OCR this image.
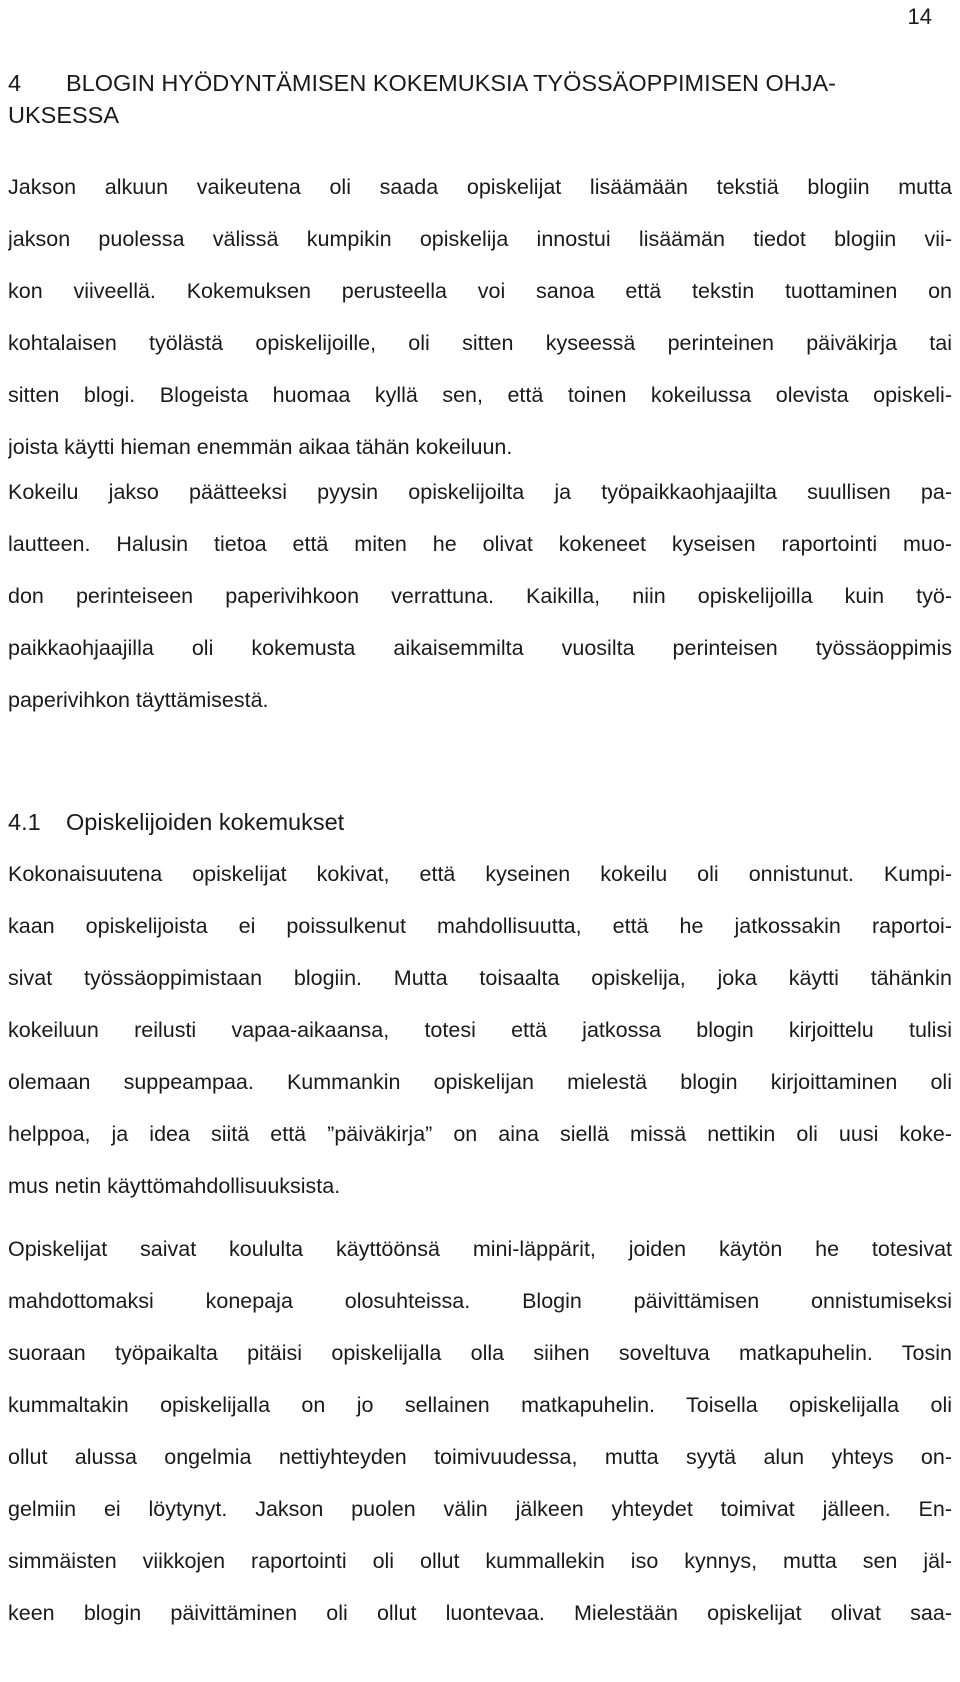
14
4 BLOGIN HYÖDYNTÄMISEN KOKEMUKSIA TYÖSSÄOPPIMISEN OHJA-
UKSESSA
Jakson alkuun vaikeutena oli saada opiskelijat lisäämään tekstiä blogiin mutta
jakson puolessa välissä kumpikin opiskelija innostui lisäämän tiedot blogiin vii-
kon viiveellä. Kokemuksen perusteella voi sanoa että tekstin tuottaminen on
kohtalaisen työlästä opiskelijoille, oli sitten kyseessä perinteinen päiväkirja tai
sitten blogi. Blogeista huomaa kyllä sen, että toinen kokeilussa olevista opiskeli-
joista käytti hieman enemmän aikaa tähän kokeiluun.
Kokeilu jakso päätteeksi pyysin opiskelijoilta ja työpaikkaohjaajilta suullisen pa-
lautteen. Halusin tietoa että miten he olivat kokeneet kyseisen raportointi muo-
don perinteiseen paperivihkoon verrattuna. Kaikilla, niin opiskelijoilla kuin työ-
paikkaohjaajilla oli kokemusta aikaisemmilta vuosilta perinteisen työssäoppimis
paperivihkon täyttämisestä.
4.1 Opiskelijoiden kokemukset
Kokonaisuutena opiskelijat kokivat, että kyseinen kokeilu oli onnistunut. Kumpi-
kaan opiskelijoista ei poissulkenut mahdollisuutta, että he jatkossakin raportoi-
sivat työssäoppimistaan blogiin. Mutta toisaalta opiskelija, joka käytti tähänkin
kokeiluun reilusti vapaa-aikaansa, totesi että jatkossa blogin kirjoittelu tulisi
olemaan suppeampaa. Kummankin opiskelijan mielestä blogin kirjoittaminen oli
helppoa, ja idea siitä että ”päiväkirja” on aina siellä missä nettikin oli uusi koke-
mus netin käyttömahdollisuuksista.
Opiskelijat saivat koululta käyttöönsä mini-läppärit, joiden käytön he totesivat
mahdottomaksi konepaja olosuhteissa. Blogin päivittämisen onnistumiseksi
suoraan työpaikalta pitäisi opiskelijalla olla siihen soveltuva matkapuhelin. Tosin
kummaltakin opiskelijalla on jo sellainen matkapuhelin. Toisella opiskelijalla oli
ollut alussa ongelmia nettiyhteyden toimivuudessa, mutta syytä alun yhteys on-
gelmiin ei löytynyt. Jakson puolen välin jälkeen yhteydet toimivat jälleen. En-
simmäisten viikkojen raportointi oli ollut kummallekin iso kynnys, mutta sen jäl-
keen blogin päivittäminen oli ollut luontevaa. Mielestään opiskelijat olivat saa-
